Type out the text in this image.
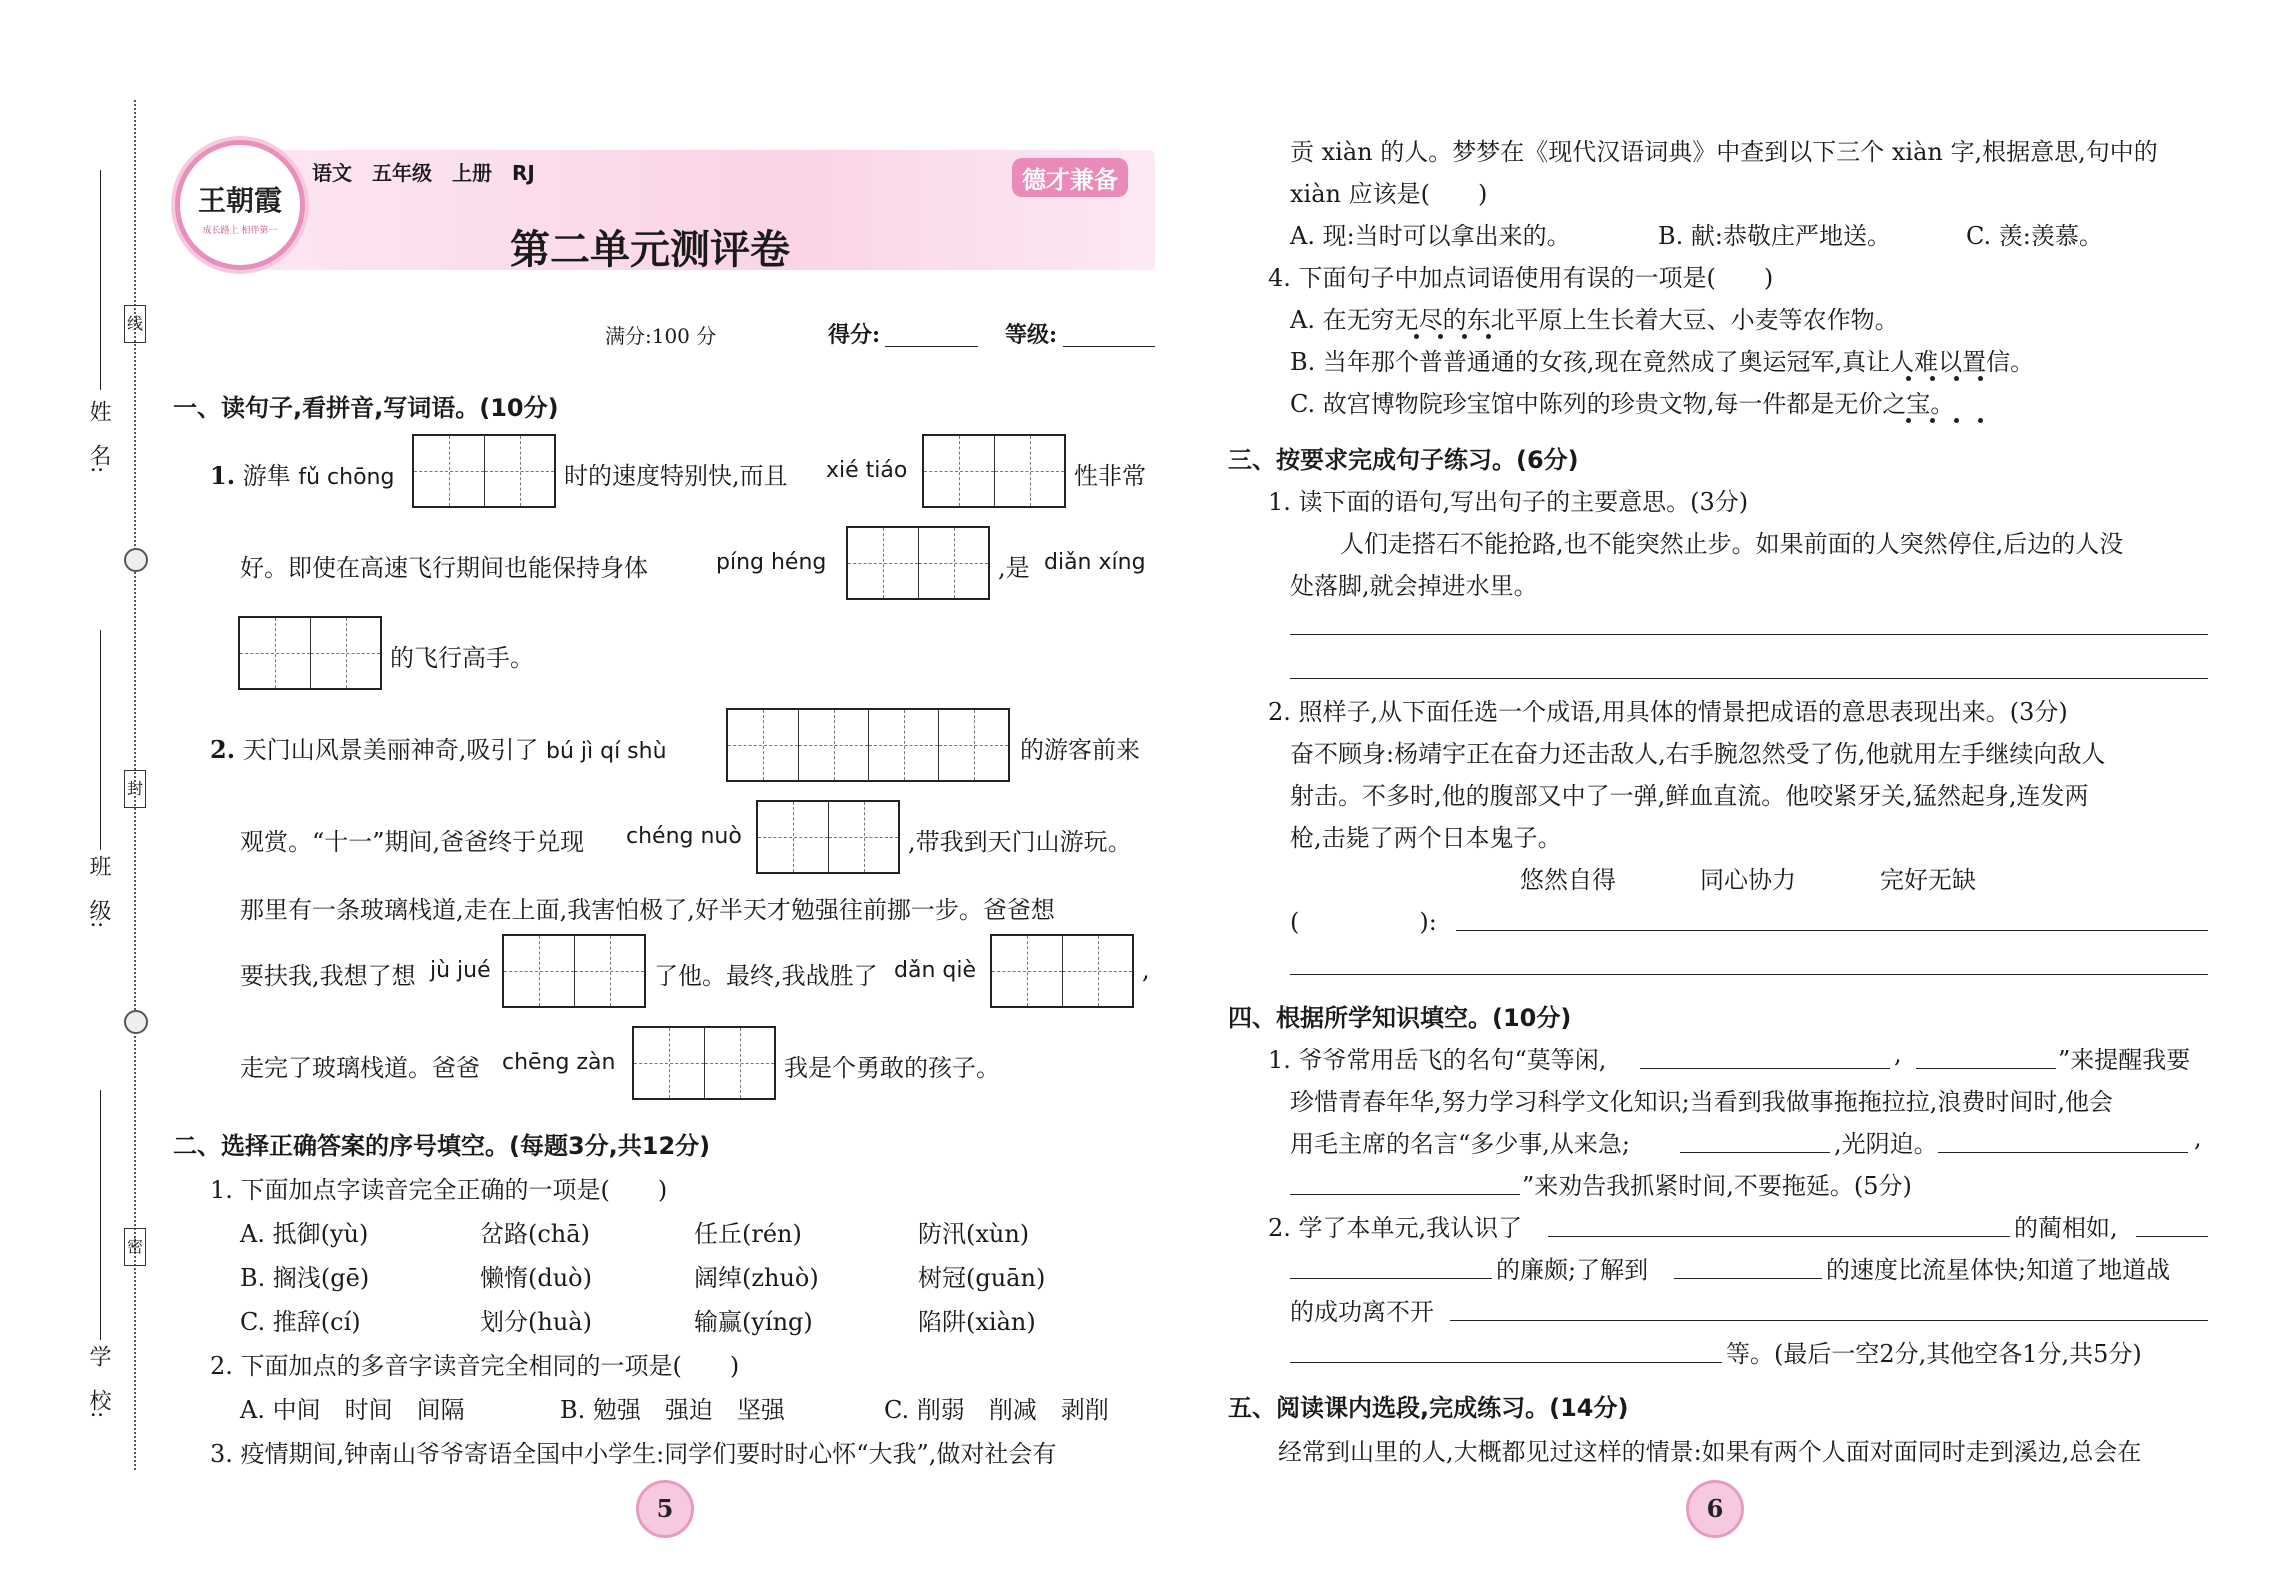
姓　名:
线
班　级:
封
学　校:
密
王朝霞
成长路上 相伴第一
语文　五年级　上册　RJ	德才兼备
第二单元测评卷
满分:100 分	得分:	等级:
一、读句子,看拼音,写词语。(10分)
1. 游隼 fǔ chōng	时的速度特别快,而且 xié tiáo	性非常
好。即使在高速飞行期间也能保持身体	píng héng	,是 diǎn xíng
的飞行高手。
2. 天门山风景美丽神奇,吸引了 bú jì qí shù	的游客前来
观赏。“十一”期间,爸爸终于兑现 chéng nuò	,带我到天门山游玩。
那里有一条玻璃栈道,走在上面,我害怕极了,好半天才勉强往前挪一步。爸爸想
要扶我,我想了想 jù jué	了他。最终,我战胜了 dǎn qiè	,
走完了玻璃栈道。爸爸 chēng zàn	我是个勇敢的孩子。
二、选择正确答案的序号填空。(每题3分,共12分)
1. 下面加点字读音完全正确的一项是(　　)
A. 抵御(yù)	岔路(chā)	任丘(rén)	防汛(xùn)
B. 搁浅(gē)	懒惰(duò)	阔绰(zhuò)	树冠(guān)
C. 推辞(cí)	划分(huà)	输赢(yíng)	陷阱(xiàn)
2. 下面加点的多音字读音完全相同的一项是(　　)
A. 中间　时间　间隔	B. 勉强　强迫　坚强	C. 削弱　削减　剥削
3. 疫情期间,钟南山爷爷寄语全国中小学生:同学们要时时心怀“大我”,做对社会有
5
贡 xiàn 的人。梦梦在《现代汉语词典》中查到以下三个 xiàn 字,根据意思,句中的
xiàn 应该是(　　)
A. 现:当时可以拿出来的。	B. 献:恭敬庄严地送。	C. 羡:羡慕。
4. 下面句子中加点词语使用有误的一项是(　　)
A. 在无穷无尽的东北平原上生长着大豆、小麦等农作物。
B. 当年那个普普通通的女孩,现在竟然成了奥运冠军,真让人难以置信。
C. 故宫博物院珍宝馆中陈列的珍贵文物,每一件都是无价之宝。
三、按要求完成句子练习。(6分)
1. 读下面的语句,写出句子的主要意思。(3分)
人们走搭石不能抢路,也不能突然止步。如果前面的人突然停住,后边的人没
处落脚,就会掉进水里。
2. 照样子,从下面任选一个成语,用具体的情景把成语的意思表现出来。(3分)
奋不顾身:杨靖宇正在奋力还击敌人,右手腕忽然受了伤,他就用左手继续向敌人
射击。不多时,他的腹部又中了一弹,鲜血直流。他咬紧牙关,猛然起身,连发两
枪,击毙了两个日本鬼子。
悠然自得	同心协力	完好无缺
(　　　　　):
四、根据所学知识填空。(10分)
1. 爷爷常用岳飞的名句“莫等闲,	,	”来提醒我要
珍惜青春年华,努力学习科学文化知识;当看到我做事拖拖拉拉,浪费时间时,他会
用毛主席的名言“多少事,从来急;	,光阴迫。	,
”来劝告我抓紧时间,不要拖延。(5分)
2. 学了本单元,我认识了	的蔺相如,
的廉颇;了解到	的速度比流星体快;知道了地道战
的成功离不开
等。(最后一空2分,其他空各1分,共5分)
五、阅读课内选段,完成练习。(14分)
经常到山里的人,大概都见过这样的情景:如果有两个人面对面同时走到溪边,总会在
6
